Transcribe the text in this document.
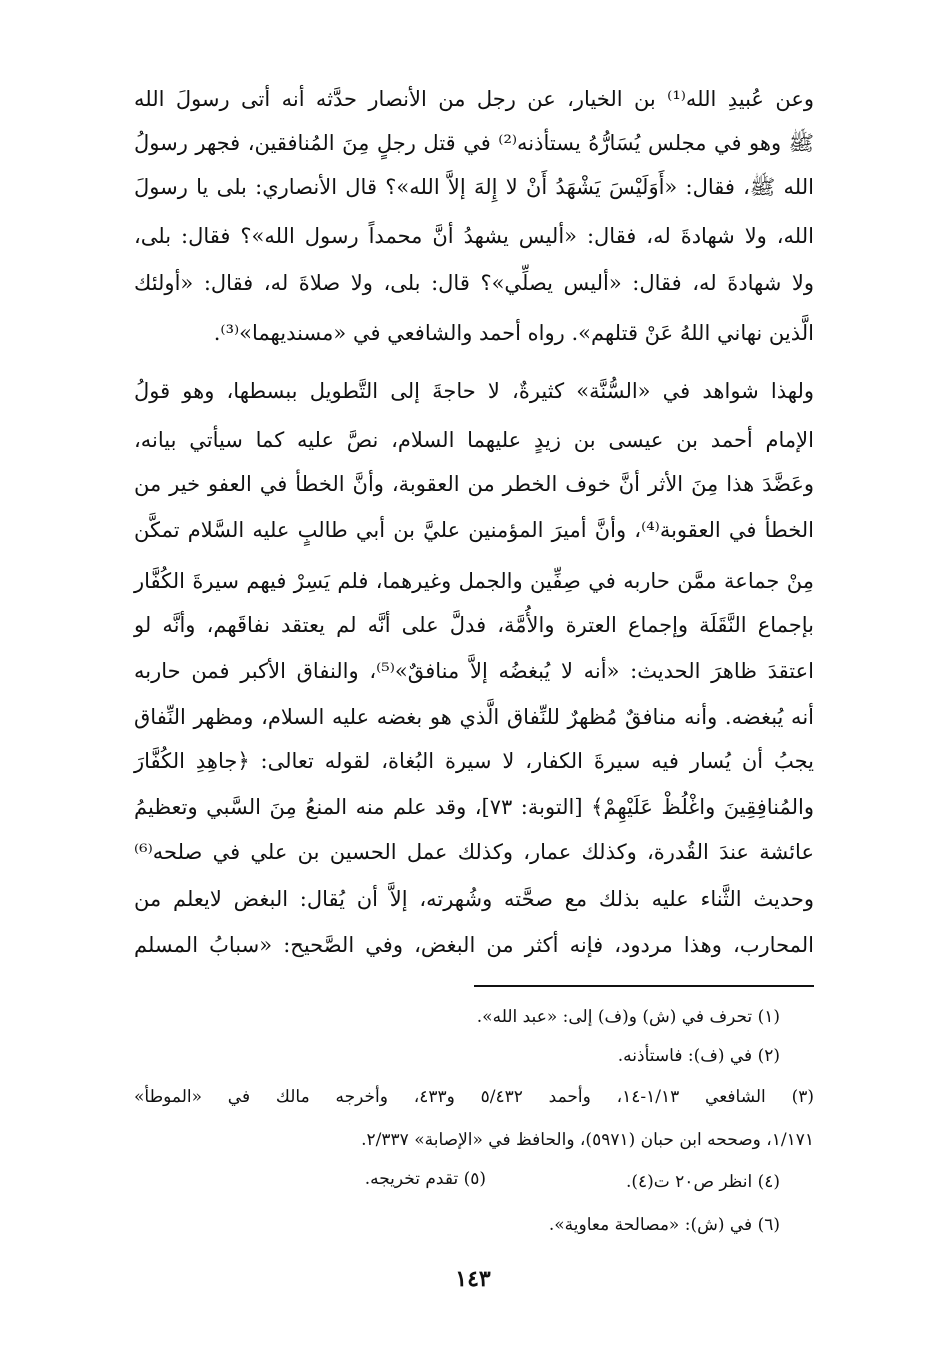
وعن عُبيدِ الله⁽¹⁾ بن الخيار، عن رجل من الأنصار حدَّثه أنه أتى رسولَ الله
ﷺ وهو في مجلس يُسَارُّهُ يستأذنه⁽²⁾ في قتل رجلٍ مِنَ المُنافقين، فجهر رسولُ
الله ﷺ، فقال: «أَوَلَيْسَ يَشْهَدُ أَنْ لا إِلهَ إلاَّ الله»؟ قال الأنصاري: بلى يا رسولَ
الله، ولا شهادةَ له، فقال: «أليس يشهدُ أنَّ محمداً رسول الله»؟ فقال: بلى،
ولا شهادةَ له، فقال: «أليس يصلِّي»؟ قال: بلى، ولا صلاةَ له، فقال: «أولئك
الَّذين نهاني اللهُ عَنْ قتلهم». رواه أحمد والشافعي في «مسنديهما»⁽³⁾.
ولهذا شواهد في «السُّنَّة» كثيرةٌ، لا حاجةَ إلى التَّطويل ببسطها، وهو قولُ
الإمام أحمد بن عيسى بن زيدٍ عليهما السلام، نصَّ عليه كما سيأتي بيانه،
وعَضَّدَ هذا مِنَ الأثر أنَّ خوف الخطر من العقوبة، وأنَّ الخطأ في العفو خير من
الخطأ في العقوبة⁽⁴⁾، وأنَّ أميرَ المؤمنين عليَّ بن أبي طالبٍ عليه السَّلام تمكَّن
مِنْ جماعة ممَّن حاربه في صِفِّين والجمل وغيرهما، فلم يَسِرْ فيهم سيرةَ الكُفَّار
بإجماع النَّقَلَة وإجماع العترة والأُمَّة، فدلَّ على أنَّه لم يعتقد نفاقَهم، وأنَّه لو
اعتقدَ ظاهرَ الحديث: «أنه لا يُبغضُه إلاَّ منافقٌ»⁽⁵⁾، والنفاق الأكبر فمن حاربه
أنه يُبغضه. وأنه منافقٌ مُظهرٌ للنِّفاق الَّذي هو بغضه عليه السلام، ومظهر النِّفاق
يجبُ أن يُسار فيه سيرةَ الكفار، لا سيرة البُغاة، لقوله تعالى: ﴿جاهِدِ الكُفَّارَ
والمُنافِقِينَ واغْلُظْ عَلَيْهِمْ﴾ [التوبة: ٧٣]، وقد علم منه المنعُ مِنَ السَّبي وتعظيمُ
عائشة عندَ القُدرة، وكذلك عمار، وكذلك عمل الحسين بن علي في صلحه⁽⁶⁾
وحديث الثَّناء عليه بذلك مع صحَّته وشُهرته، إلاَّ أن يُقال: البغض لايعلم من
المحارب، وهذا مردود، فإنه أكثر من البغض، وفي الصَّحيح: «سبابُ المسلم
(١) تحرف في (ش) و(ف) إلى: «عبد الله».
(٢) في (ف): فاستأذنه.
(٣) الشافعي ١/١٣-١٤، وأحمد ٥/٤٣٢ و٤٣٣، وأخرجه مالك في «الموطأ»
١/١٧١، وصححه ابن حبان (٥٩٧١)، والحافظ في «الإصابة» ٢/٣٣٧.
(٤) انظر ص٢٠ ت(٤).
(٥) تقدم تخريجه.
(٦) في (ش): «مصالحة معاوية».
١٤٣
